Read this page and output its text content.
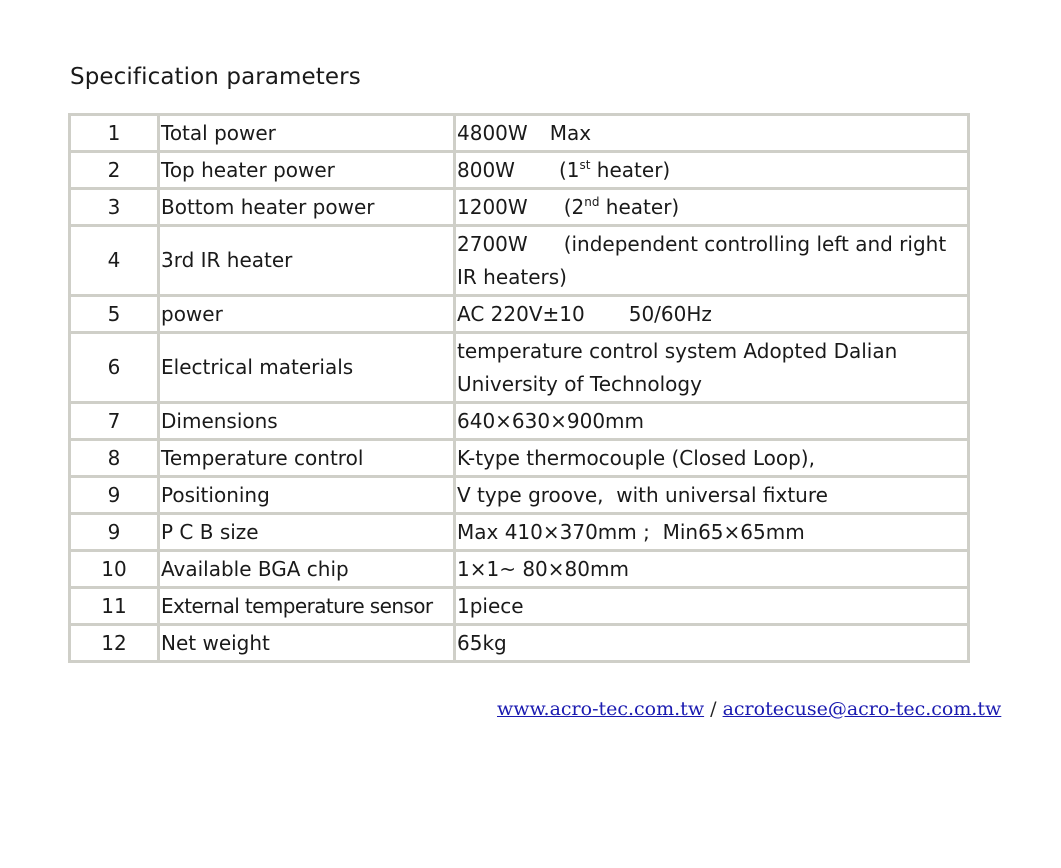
Specification parameters
1	Total power	4800W Max
2	Top heater power	800W (1st heater)
3	Bottom heater power	1200W (2nd heater)
4	3rd IR heater	2700W (independent controlling left and right IR heaters)
5	power	AC 220V±10 50/60Hz
6	Electrical materials	temperature control system Adopted Dalian University of Technology
7	Dimensions	640×630×900mm
8	Temperature control	K-type thermocouple (Closed Loop),
9	Positioning	V type groove,  with universal fixture
9	P C B size	Max 410×370mm ;  Min65×65mm
10	Available BGA chip	1×1~ 80×80mm
11	External temperature sensor	1piece
12	Net weight	65kg
www.acro-tec.com.tw / acrotecuse@acro-tec.com.tw
